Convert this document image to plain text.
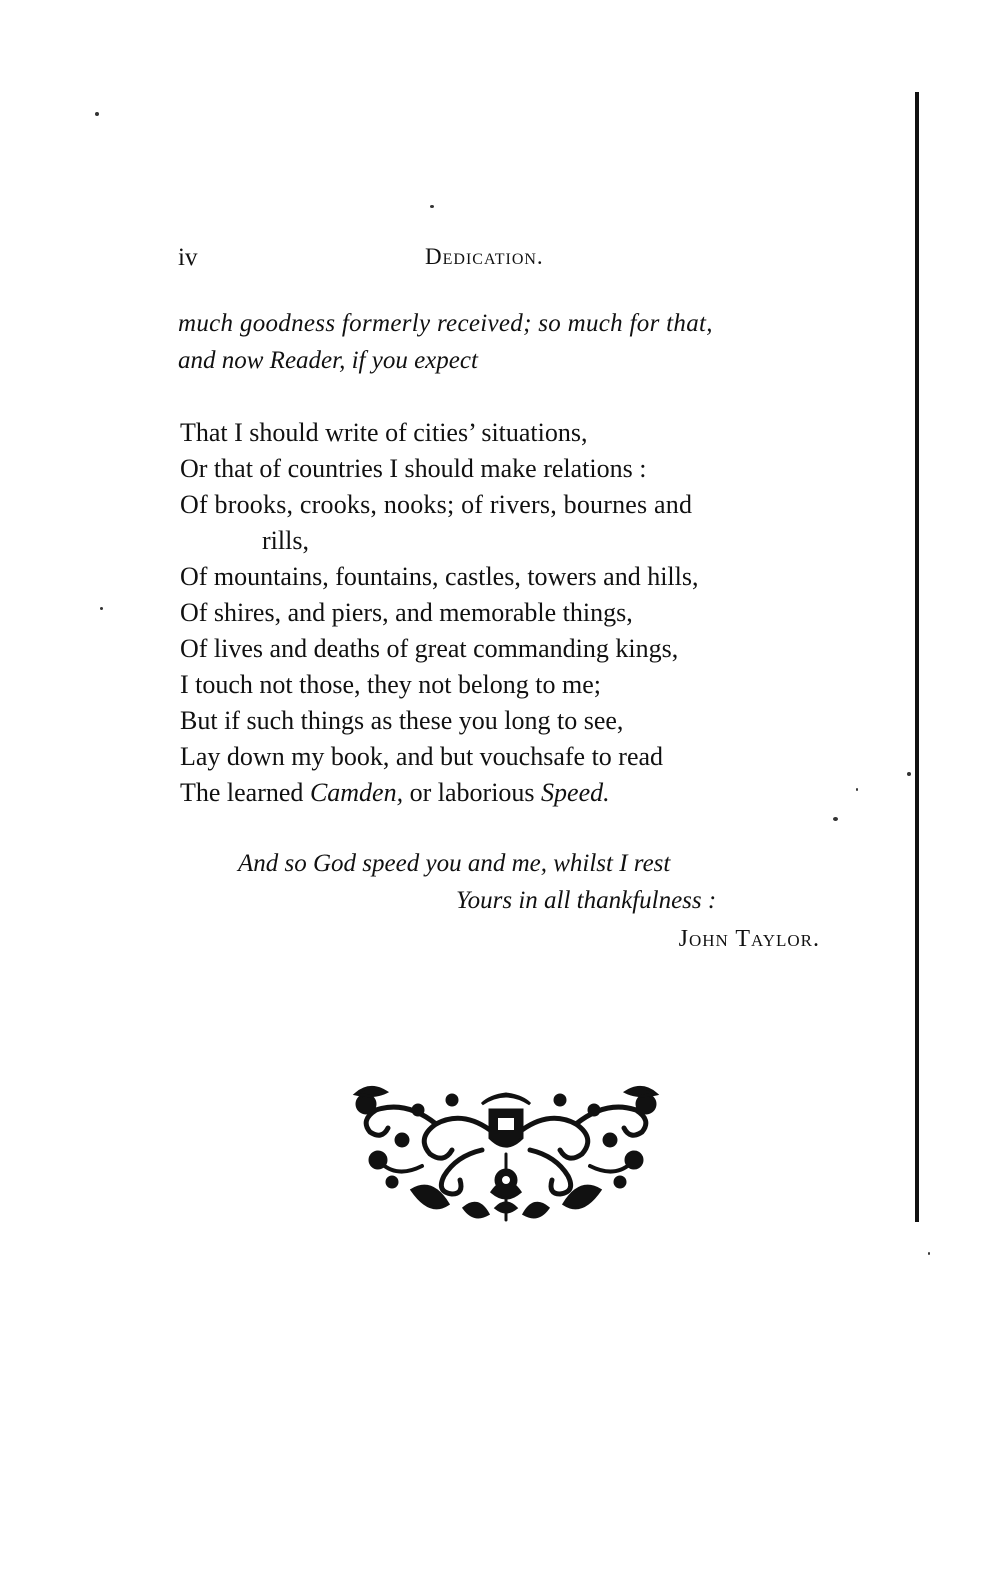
iv	Dedication.
much goodness formerly received; so much for that,
and now Reader, if you expect
That I should write of cities’ situations,
Or that of countries I should make relations :
Of brooks, crooks, nooks; of rivers, bournes and
rills,
Of mountains, fountains, castles, towers and hills,
Of shires, and piers, and memorable things,
Of lives and deaths of great commanding kings,
I touch not those, they not belong to me;
But if such things as these you long to see,
Lay down my book, and but vouchsafe to read
The learned Camden, or laborious Speed.
And so God speed you and me, whilst I rest
Yours in all thankfulness :
John Taylor.
